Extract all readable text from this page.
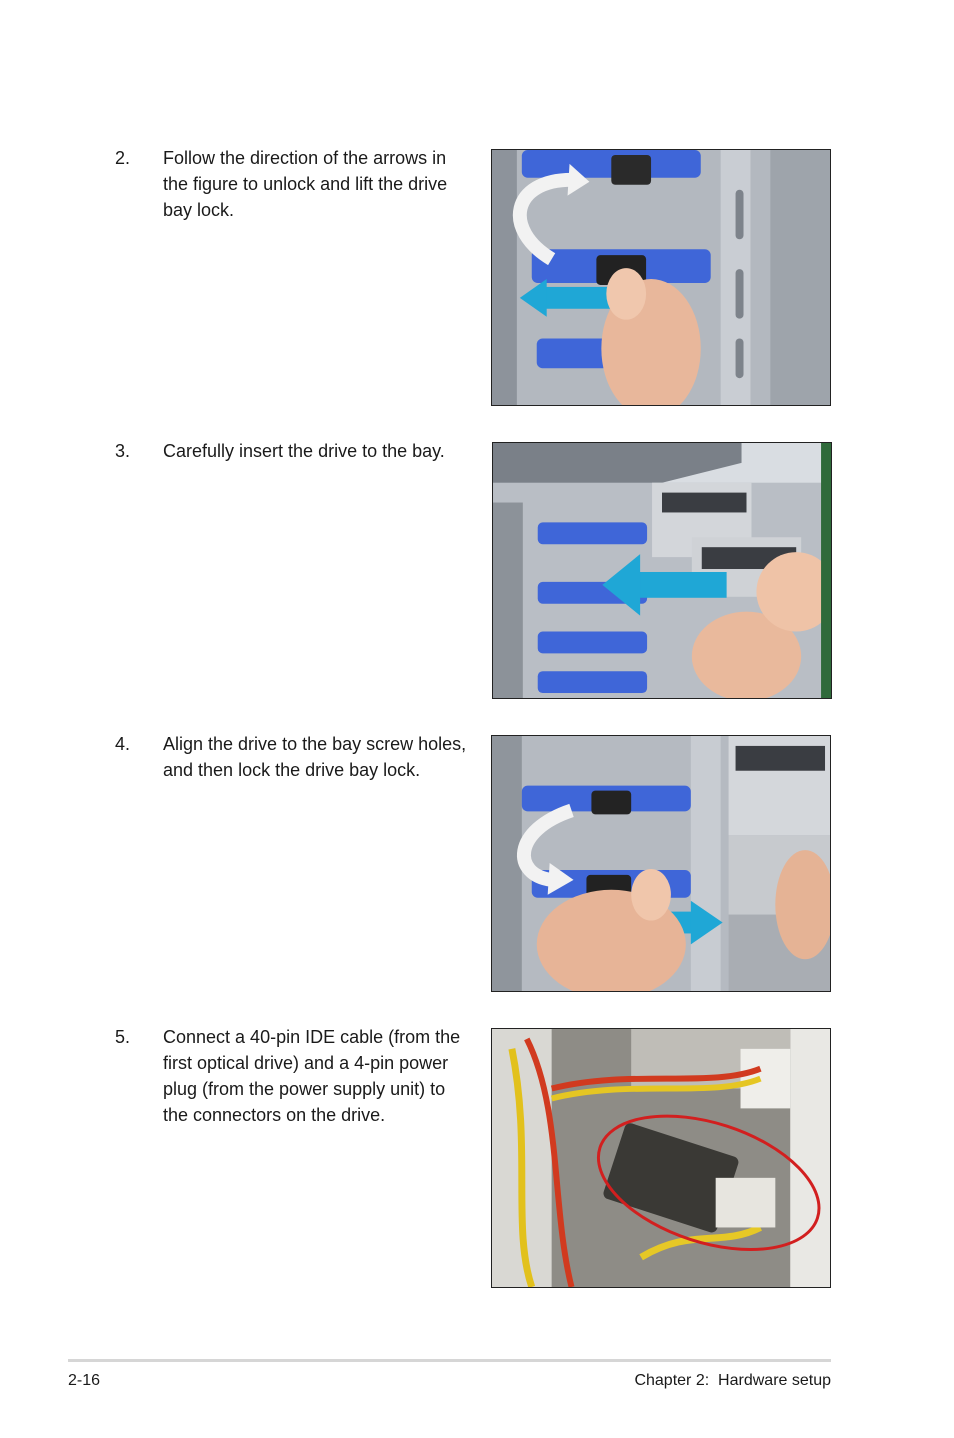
2. Follow the direction of the arrows in the figure to unlock and lift the drive bay lock.
3. Carefully insert the drive to the bay.
4. Align the drive to the bay screw holes, and then lock the drive bay lock.
5. Connect a 40-pin IDE cable (from the first optical drive) and a 4-pin power plug (from the power supply unit) to the connectors on the drive.
2-16	Chapter 2:  Hardware setup
